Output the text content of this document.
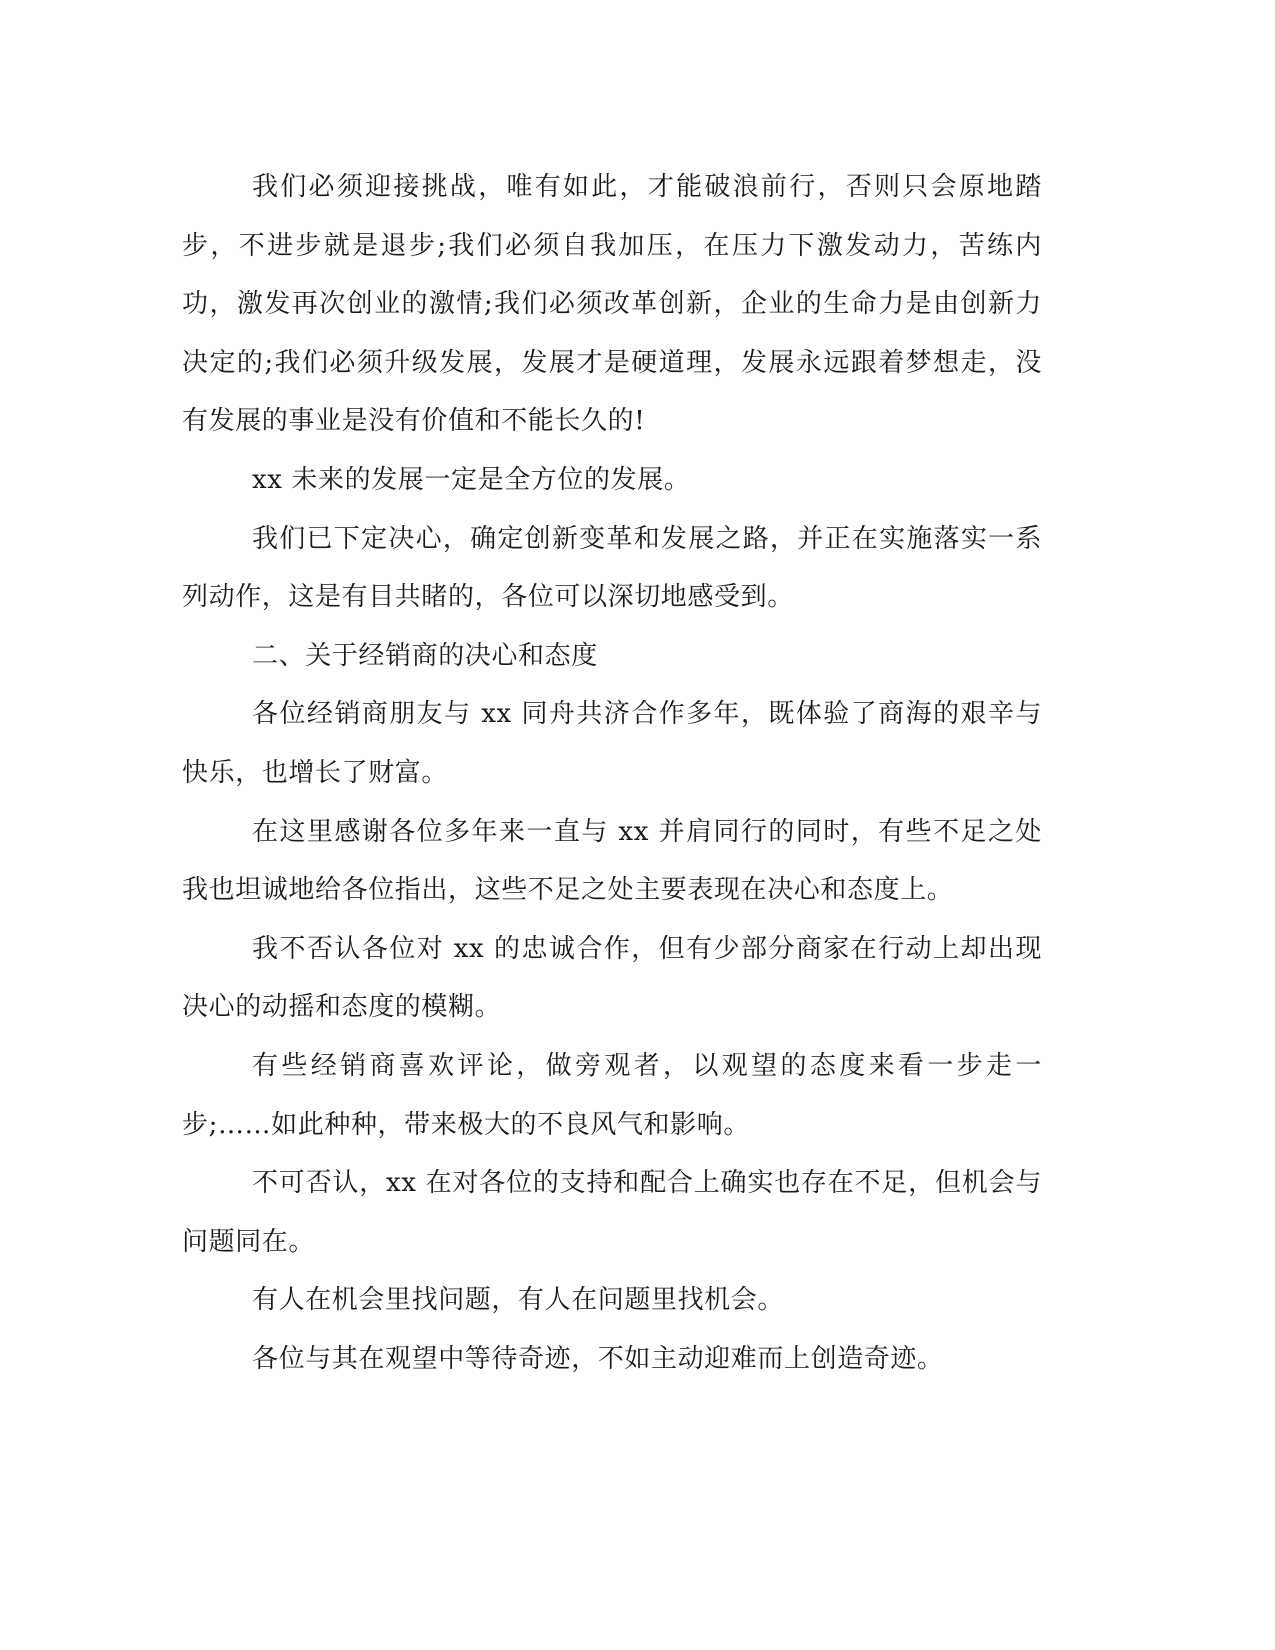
我们必须迎接挑战，唯有如此，才能破浪前行，否则只会原地踏步，不进步就是退步;我们必须自我加压，在压力下激发动力，苦练内功，激发再次创业的激情;我们必须改革创新，企业的生命力是由创新力决定的;我们必须升级发展，发展才是硬道理，发展永远跟着梦想走，没有发展的事业是没有价值和不能长久的!

xx 未来的发展一定是全方位的发展。

我们已下定决心，确定创新变革和发展之路，并正在实施落实一系列动作，这是有目共睹的，各位可以深切地感受到。

二、关于经销商的决心和态度

各位经销商朋友与 xx 同舟共济合作多年，既体验了商海的艰辛与快乐，也增长了财富。

在这里感谢各位多年来一直与 xx 并肩同行的同时，有些不足之处我也坦诚地给各位指出，这些不足之处主要表现在决心和态度上。

我不否认各位对 xx 的忠诚合作，但有少部分商家在行动上却出现决心的动摇和态度的模糊。

有些经销商喜欢评论，做旁观者，以观望的态度来看一步走一步;……如此种种，带来极大的不良风气和影响。

不可否认，xx 在对各位的支持和配合上确实也存在不足，但机会与问题同在。

有人在机会里找问题，有人在问题里找机会。

各位与其在观望中等待奇迹，不如主动迎难而上创造奇迹。
